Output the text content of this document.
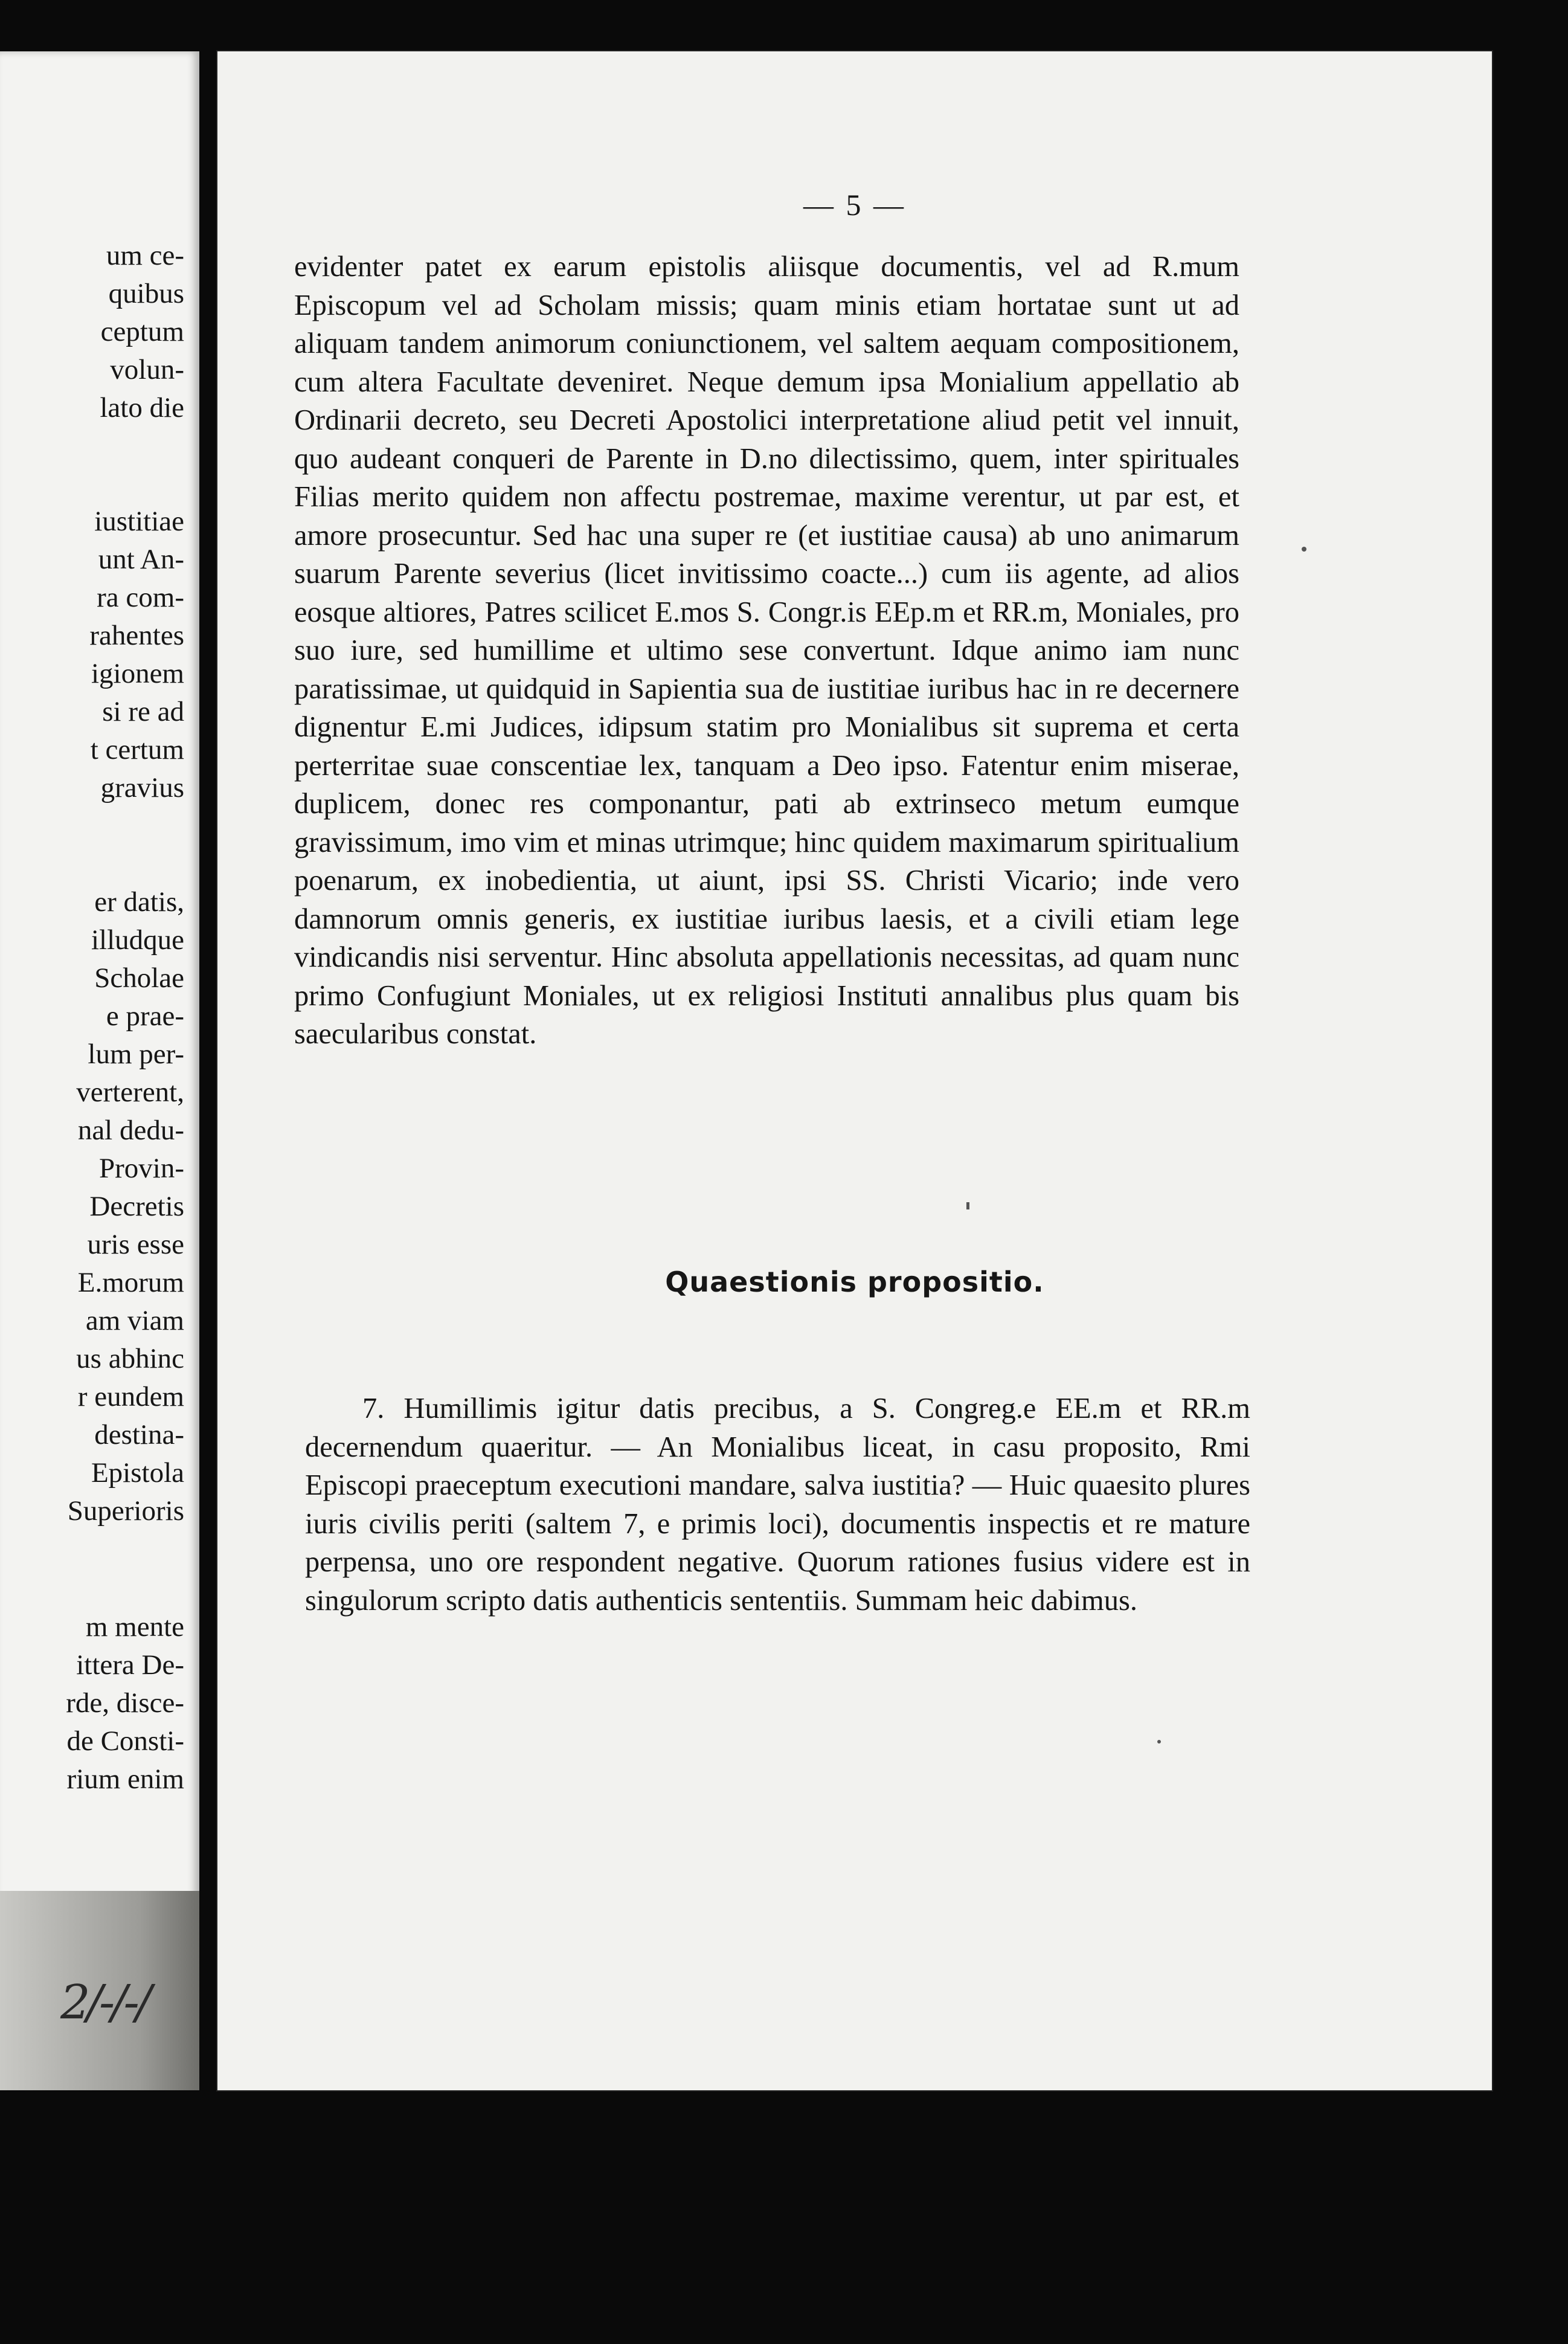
2/-/-/
um ce-
quibus
ceptum
volun-
lato die
iustitiae
unt An-
ra com-
rahentes
igionem
si re ad
t certum
gravius
er datis,
illudque
Scholae
e prae-
lum per-
verterent,
nal dedu-
Provin-
Decretis
uris esse
E.morum
am viam
us abhinc
r eundem
destina-
Epistola
Superioris
m mente
ittera De-
rde, disce-
de Consti-
rium enim
— 5 —

evidenter patet ex earum epistolis aliisque documentis, vel ad R.mum Episcopum vel ad Scholam missis; quam minis etiam hortatae sunt ut ad aliquam tandem animorum coniunctionem, vel saltem aequam compositionem, cum altera Facultate deveniret. Neque demum ipsa Monialium appellatio ab Ordinarii decreto, seu Decreti Apostolici interpretatione aliud petit vel innuit, quo audeant conqueri de Parente in D.no dilectissimo, quem, inter spirituales Filias merito quidem non affectu postremae, maxime verentur, ut par est, et amore prosecuntur. Sed hac una super re (et iustitiae causa) ab uno animarum suarum Parente severius (licet invitissimo coacte...) cum iis agente, ad alios eosque altiores, Patres scilicet E.mos S. Congr.is EEp.m et RR.m, Moniales, pro suo iure, sed humillime et ultimo sese convertunt. Idque animo iam nunc paratissimae, ut quidquid in Sapientia sua de iustitiae iuribus hac in re decernere dignentur E.mi Judices, idipsum statim pro Monialibus sit suprema et certa perterritae suae conscentiae lex, tanquam a Deo ipso. Fatentur enim miserae, duplicem, donec res componantur, pati ab extrinseco metum eumque gravissimum, imo vim et minas utrimque; hinc quidem maximarum spiritualium poenarum, ex inobedientia, ut aiunt, ipsi SS. Christi Vicario; inde vero damnorum omnis generis, ex iustitiae iuribus laesis, et a civili etiam lege vindicandis nisi serventur. Hinc absoluta appellationis necessitas, ad quam nunc primo Confugiunt Moniales, ut ex religiosi Instituti annalibus plus quam bis saecularibus constat.

Quaestionis propositio.

7. Humillimis igitur datis precibus, a S. Congreg.e EE.m et RR.m decernendum quaeritur. — An Monialibus liceat, in casu proposito, Rmi Episcopi praeceptum executioni mandare, salva iustitia? — Huic quaesito plures iuris civilis periti (saltem 7, e primis loci), documentis inspectis et re mature perpensa, uno ore respondent negative. Quorum rationes fusius videre est in singulorum scripto datis authenticis sententiis. Summam heic dabimus.
